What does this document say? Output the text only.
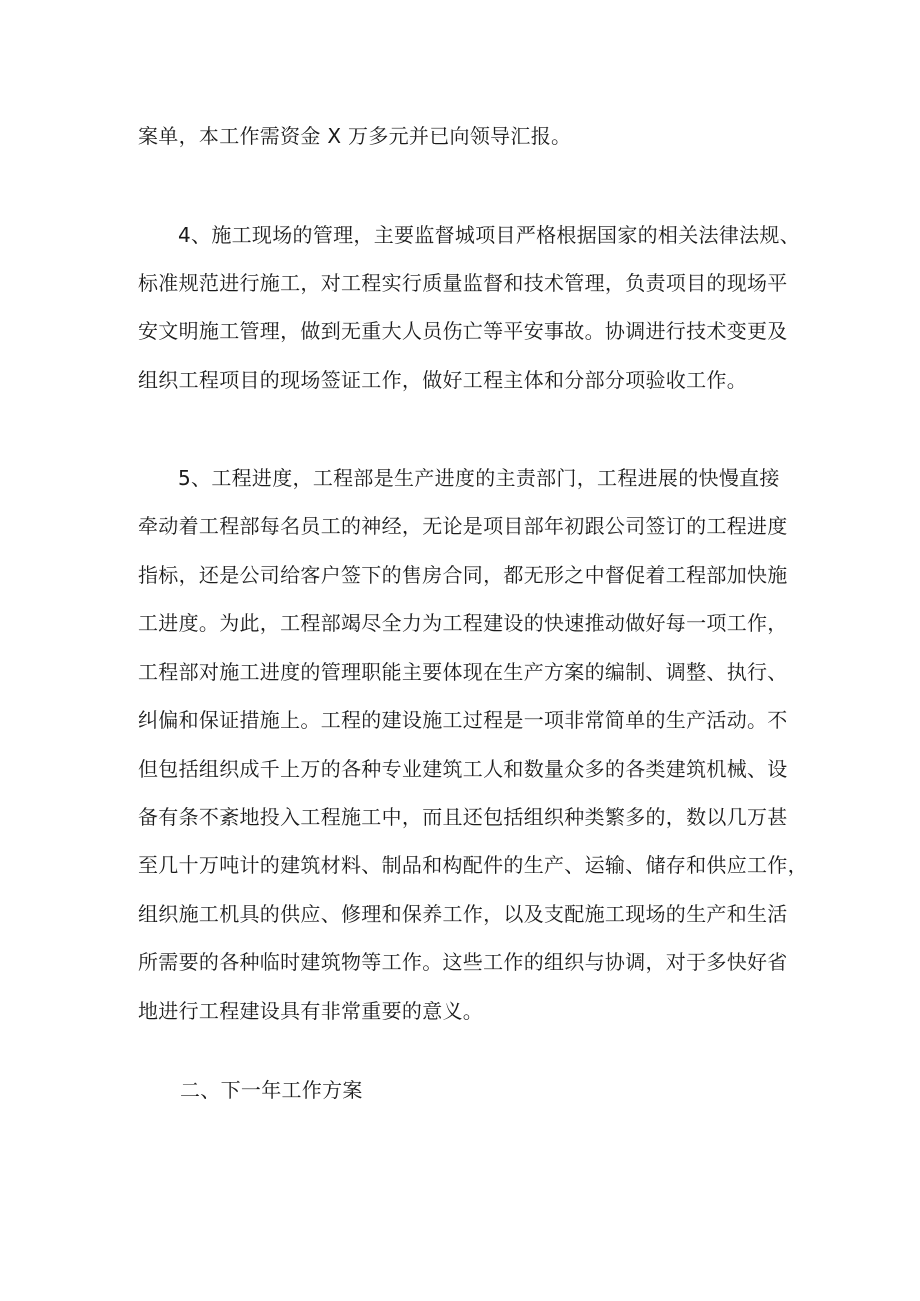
案单，本工作需资金 X 万多元并已向领导汇报。
4、施工现场的管理，主要监督城项目严格根据国家的相关法律法规、
标准规范进行施工，对工程实行质量监督和技术管理，负责项目的现场平
安文明施工管理，做到无重大人员伤亡等平安事故。协调进行技术变更及
组织工程项目的现场签证工作，做好工程主体和分部分项验收工作。
5、工程进度，工程部是生产进度的主责部门，工程进展的快慢直接
牵动着工程部每名员工的神经，无论是项目部年初跟公司签订的工程进度
指标，还是公司给客户签下的售房合同，都无形之中督促着工程部加快施
工进度。为此，工程部竭尽全力为工程建设的快速推动做好每一项工作，
工程部对施工进度的管理职能主要体现在生产方案的编制、调整、执行、
纠偏和保证措施上。工程的建设施工过程是一项非常简单的生产活动。不
但包括组织成千上万的各种专业建筑工人和数量众多的各类建筑机械、设
备有条不紊地投入工程施工中，而且还包括组织种类繁多的，数以几万甚
至几十万吨计的建筑材料、制品和构配件的生产、运输、储存和供应工作，
组织施工机具的供应、修理和保养工作，以及支配施工现场的生产和生活
所需要的各种临时建筑物等工作。这些工作的组织与协调，对于多快好省
地进行工程建设具有非常重要的意义。
二、下一年工作方案
